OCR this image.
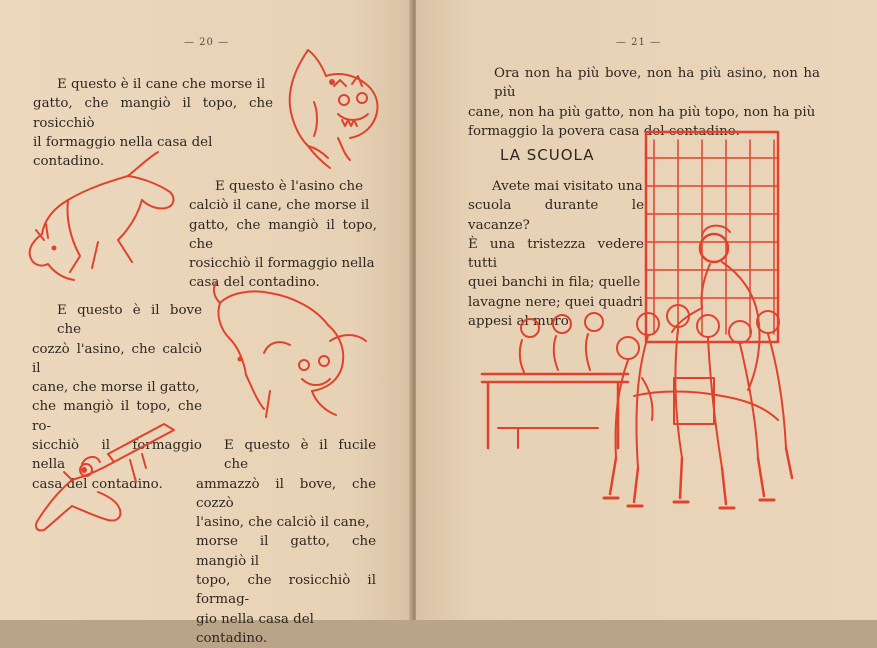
— 20 —

E questo è il cane che morse il
gatto, che mangiò il topo, che rosicchiò
il formaggio nella casa del contadino.

E questo è l'asino che
calciò il cane, che morse il
gatto, che mangiò il topo, che
rosicchiò il formaggio nella
casa del contadino.

E questo è il bove che
cozzò l'asino, che calciò il
cane, che morse il gatto,
che mangiò il topo, che ro-
sicchiò il formaggio nella
casa del contadino.

E questo è il fucile che
ammazzò il bove, che cozzò
l'asino, che calciò il cane,
morse il gatto, che mangiò il
topo, che rosicchiò il formag-
gio nella casa del contadino.

— 21 —

Ora non ha più bove, non ha più asino, non ha più
cane, non ha più gatto, non ha più topo, non ha più
formaggio la povera casa del contadino.

LA SCUOLA

Avete mai visitato una
scuola durante le vacanze?
È una tristezza vedere tutti
quei banchi in fila; quelle
lavagne nere; quei quadri
appesi al muro.
